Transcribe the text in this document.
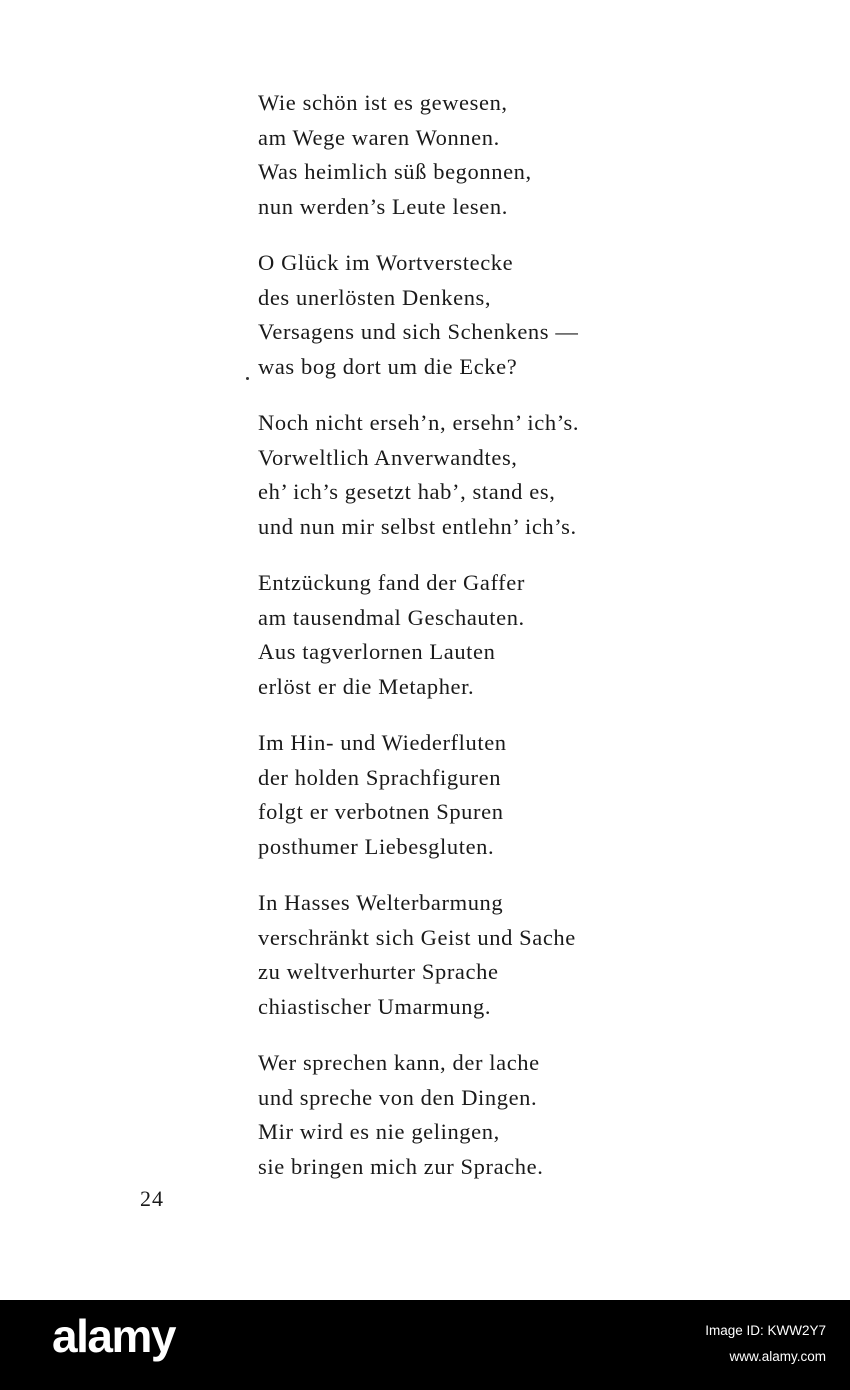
Wie schön ist es gewesen,
am Wege waren Wonnen.
Was heimlich süß begonnen,
nun werden’s Leute lesen.
O Glück im Wortverstecke
des unerlösten Denkens,
Versagens und sich Schenkens —
was bog dort um die Ecke?
Noch nicht erseh’n, ersehn’ ich’s.
Vorweltlich Anverwandtes,
eh’ ich’s gesetzt hab’, stand es,
und nun mir selbst entlehn’ ich’s.
Entzückung fand der Gaffer
am tausendmal Geschauten.
Aus tagverlornen Lauten
erlöst er die Metapher.
Im Hin- und Wiederfluten
der holden Sprachfiguren
folgt er verbotnen Spuren
posthumer Liebesgluten.
In Hasses Welterbarmung
verschränkt sich Geist und Sache
zu weltverhurter Sprache
chiastischer Umarmung.
Wer sprechen kann, der lache
und spreche von den Dingen.
Mir wird es nie gelingen,
sie bringen mich zur Sprache.
24
alamy	Image ID: KWW2Y7
www.alamy.com
